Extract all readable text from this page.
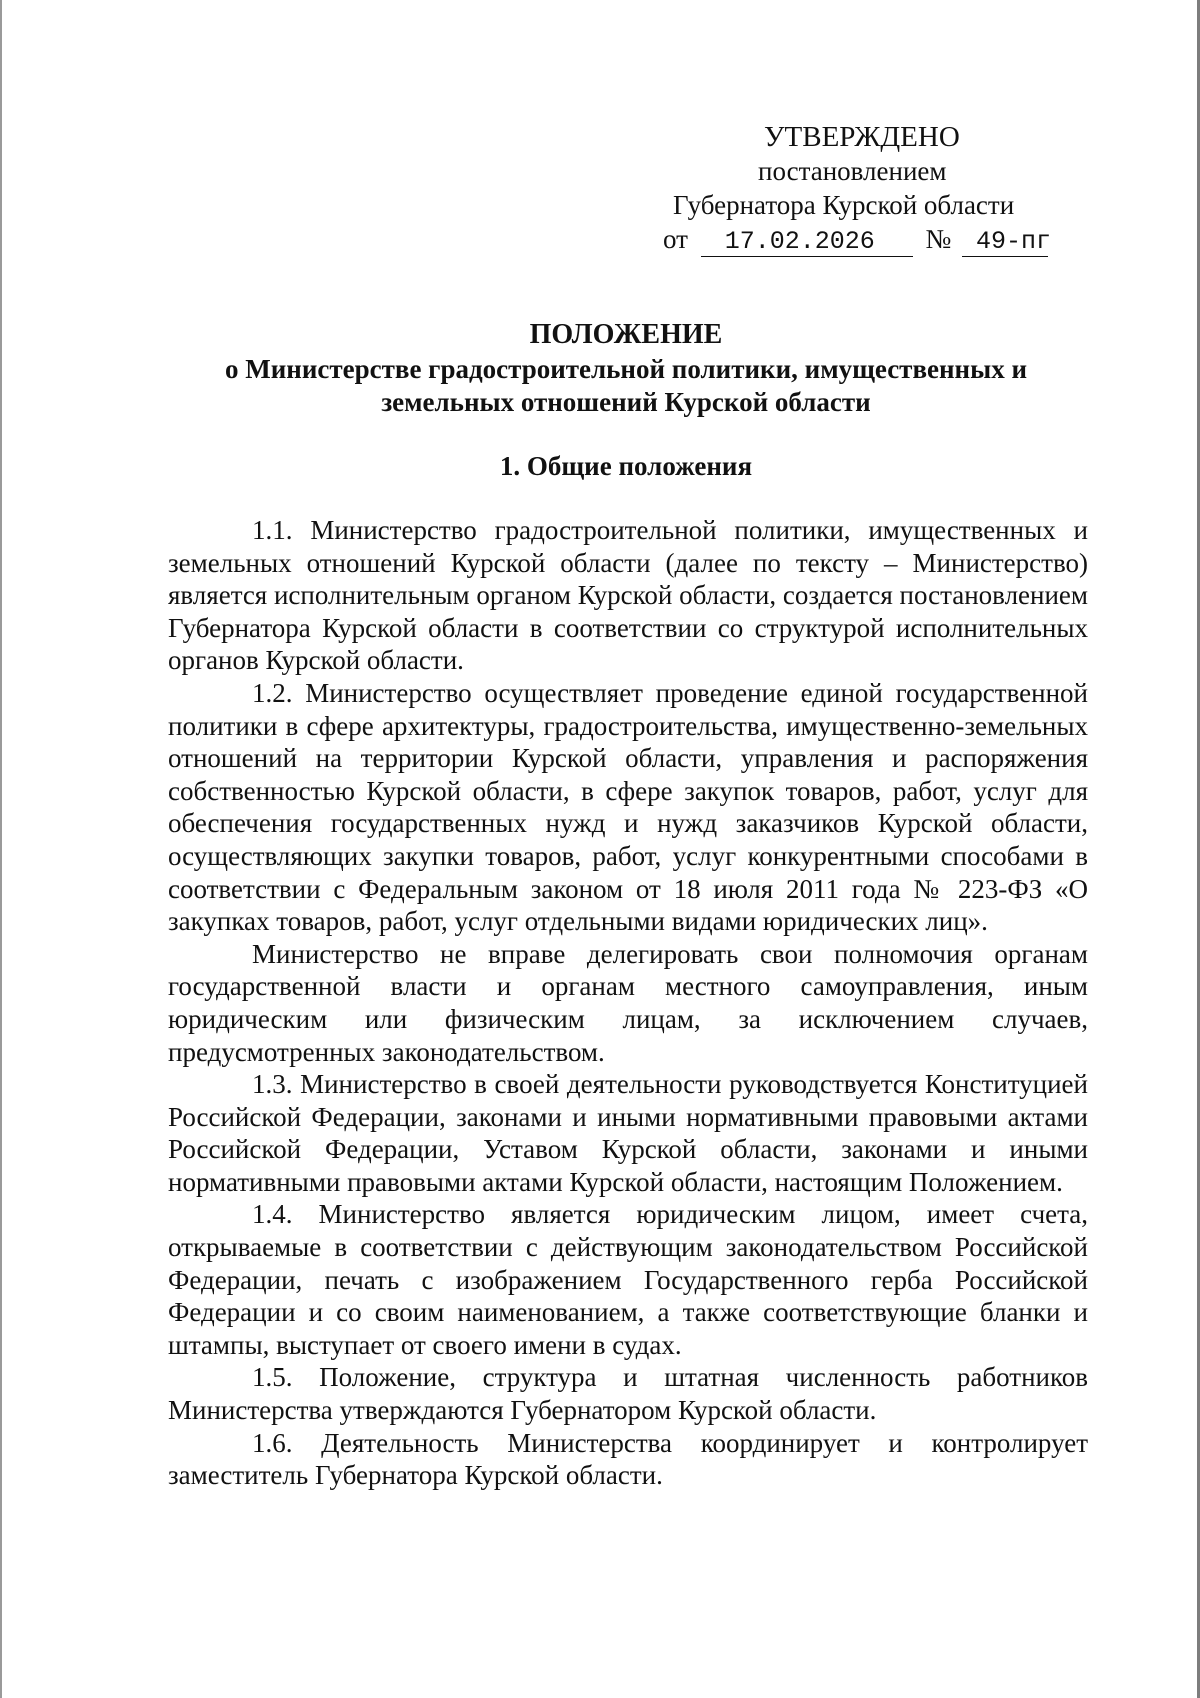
УТВЕРЖДЕНО
постановлением
Губернатора Курской области
от 17.02.2026 № 49-пг
ПОЛОЖЕНИЕ
о Министерстве градостроительной политики, имущественных и
земельных отношений Курской области
1. Общие положения

1.1. Министерство градостроительной политики, имущественных и земельных отношений Курской области (далее по тексту – Министерство) является исполнительным органом Курской области, создается постановлением Губернатора Курской области в соответствии со структурой исполнительных органов Курской области.

1.2. Министерство осуществляет проведение единой государственной политики в сфере архитектуры, градостроительства, имущественно-земельных отношений на территории Курской области, управления и распоряжения собственностью Курской области, в сфере закупок товаров, работ, услуг для обеспечения государственных нужд и нужд заказчиков Курской области, осуществляющих закупки товаров, работ, услуг конкурентными способами в соответствии с Федеральным законом от 18 июля 2011 года № 223-ФЗ «О закупках товаров, работ, услуг отдельными видами юридических лиц».

Министерство не вправе делегировать свои полномочия органам государственной власти и органам местного самоуправления, иным юридическим или физическим лицам, за исключением случаев, предусмотренных законодательством.

1.3. Министерство в своей деятельности руководствуется Конституцией Российской Федерации, законами и иными нормативными правовыми актами Российской Федерации, Уставом Курской области, законами и иными нормативными правовыми актами Курской области, настоящим Положением.

1.4. Министерство является юридическим лицом, имеет счета, открываемые в соответствии с действующим законодательством Российской Федерации, печать с изображением Государственного герба Российской Федерации и со своим наименованием, а также соответствующие бланки и штампы, выступает от своего имени в судах.

1.5. Положение, структура и штатная численность работников Министерства утверждаются Губернатором Курской области.

1.6. Деятельность Министерства координирует и контролирует заместитель Губернатора Курской области.
